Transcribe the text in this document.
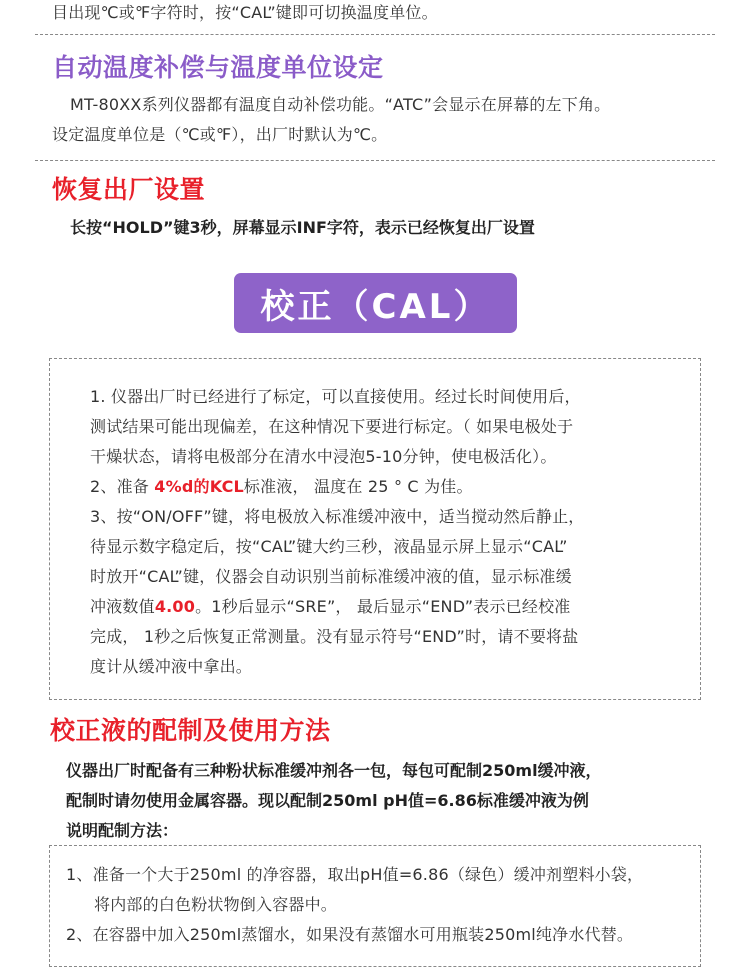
目出现℃或℉字符时，按“CAL”键即可切换温度单位。
自动温度补偿与温度单位设定
MT-80XX系列仪器都有温度自动补偿功能。“ATC”会显示在屏幕的左下角。
设定温度单位是（℃或℉），出厂时默认为℃。
恢复出厂设置
长按“HOLD”键3秒，屏幕显示INF字符，表示已经恢复出厂设置
校正（CAL）
1. 仪器出厂时已经进行了标定，可以直接使用。经过长时间使用后，
测试结果可能出现偏差，在这种情况下要进行标定。（ 如果电极处于
干燥状态，请将电极部分在清水中浸泡5-10分钟，使电极活化）。
2、准备 4%d的KCL标准液， 温度在 25 ° C 为佳。
3、按“ON/OFF”键，将电极放入标准缓冲液中，适当搅动然后静止，
待显示数字稳定后，按“CAL”键大约三秒，液晶显示屏上显示“CAL”
时放开“CAL”键，仪器会自动识别当前标准缓冲液的值，显示标准缓
冲液数值4.00。1秒后显示“SRE”， 最后显示“END”表示已经校准
完成， 1秒之后恢复正常测量。没有显示符号“END”时，请不要将盐
度计从缓冲液中拿出。
校正液的配制及使用方法
仪器出厂时配备有三种粉状标准缓冲剂各一包，每包可配制250ml缓冲液，
配制时请勿使用金属容器。现以配制250ml pH值=6.86标准缓冲液为例
说明配制方法：
1、准备一个大于250ml 的净容器，取出pH值=6.86（绿色）缓冲剂塑料小袋，
将内部的白色粉状物倒入容器中。
2、在容器中加入250ml蒸馏水，如果没有蒸馏水可用瓶装250ml纯净水代替。
